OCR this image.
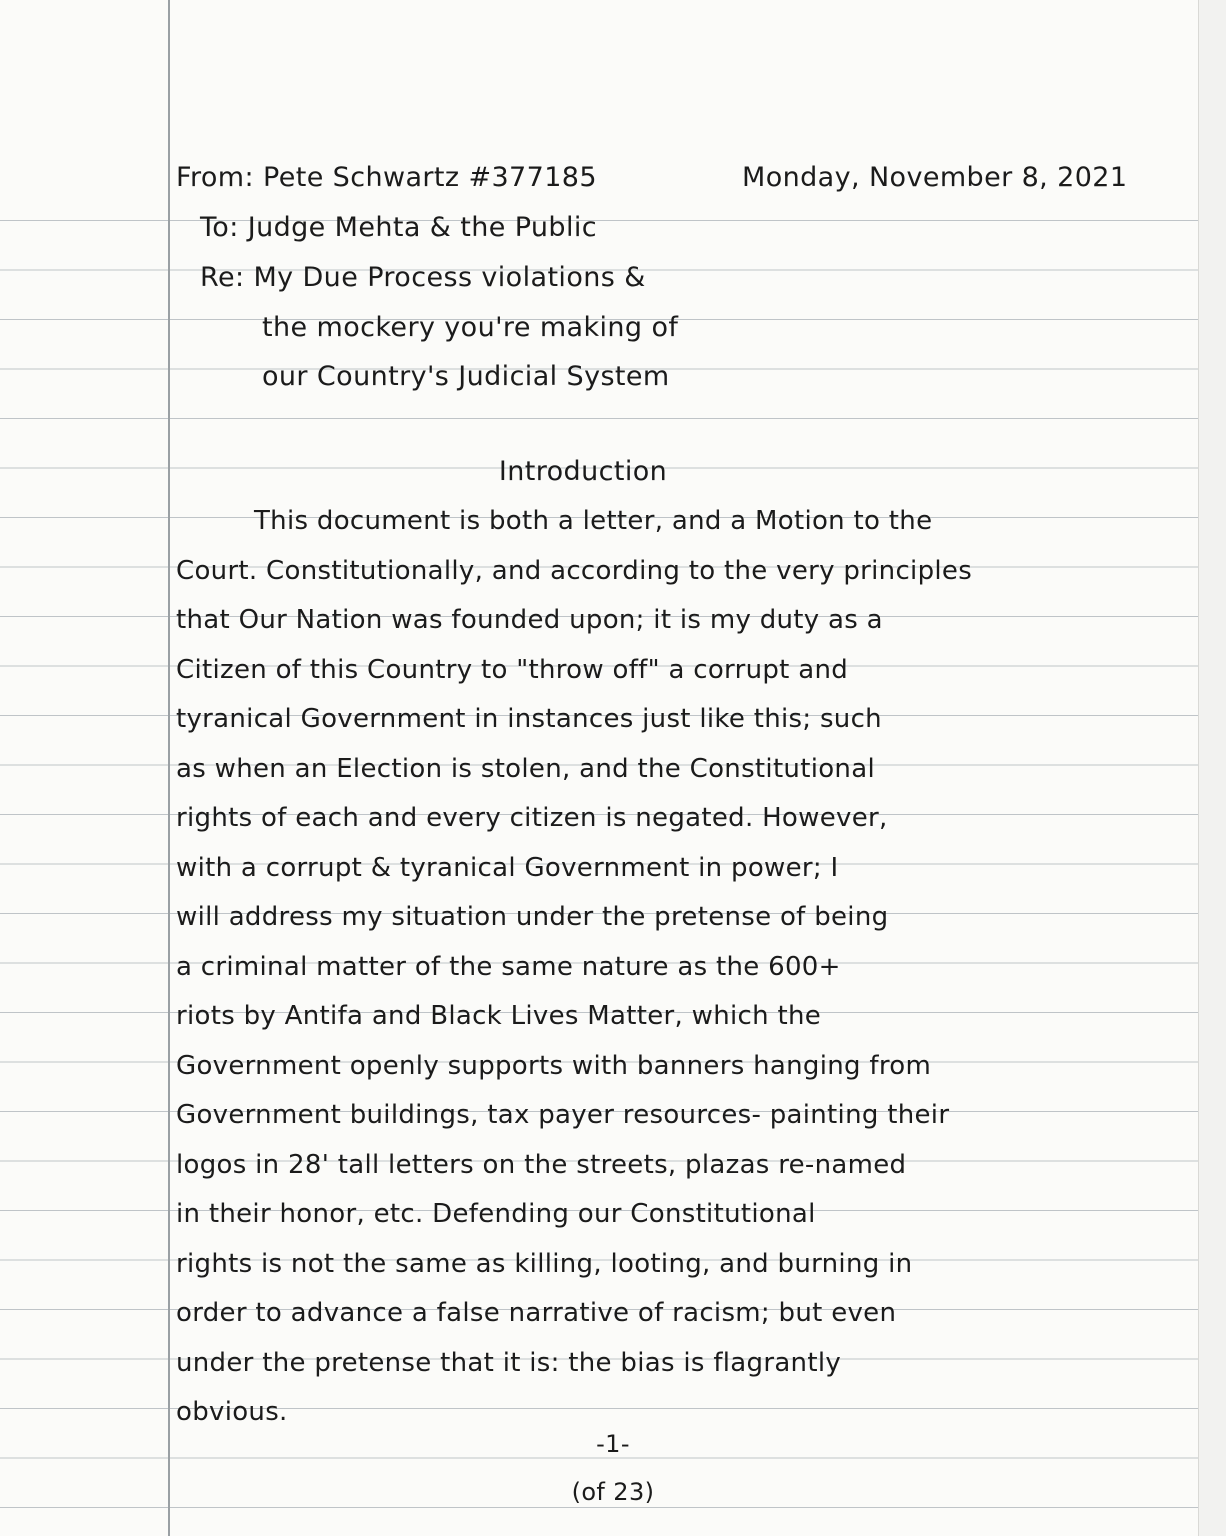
From: Pete Schwartz #377185	Monday, November 8, 2021
To: Judge Mehta & the Public
Re: My Due Process violations &
the mockery you're making of
our Country's Judicial System
Introduction
This document is both a letter, and a Motion to the
Court. Constitutionally, and according to the very principles
that Our Nation was founded upon; it is my duty as a
Citizen of this Country to "throw off" a corrupt and
tyranical Government in instances just like this; such
as when an Election is stolen, and the Constitutional
rights of each and every citizen is negated. However,
with a corrupt & tyranical Government in power; I
will address my situation under the pretense of being
a criminal matter of the same nature as the 600+
riots by Antifa and Black Lives Matter, which the
Government openly supports with banners hanging from
Government buildings, tax payer resources- painting their
logos in 28' tall letters on the streets, plazas re-named
in their honor, etc. Defending our Constitutional
rights is not the same as killing, looting, and burning in
order to advance a false narrative of racism; but even
under the pretense that it is: the bias is flagrantly
obvious.
-1-
(of 23)
